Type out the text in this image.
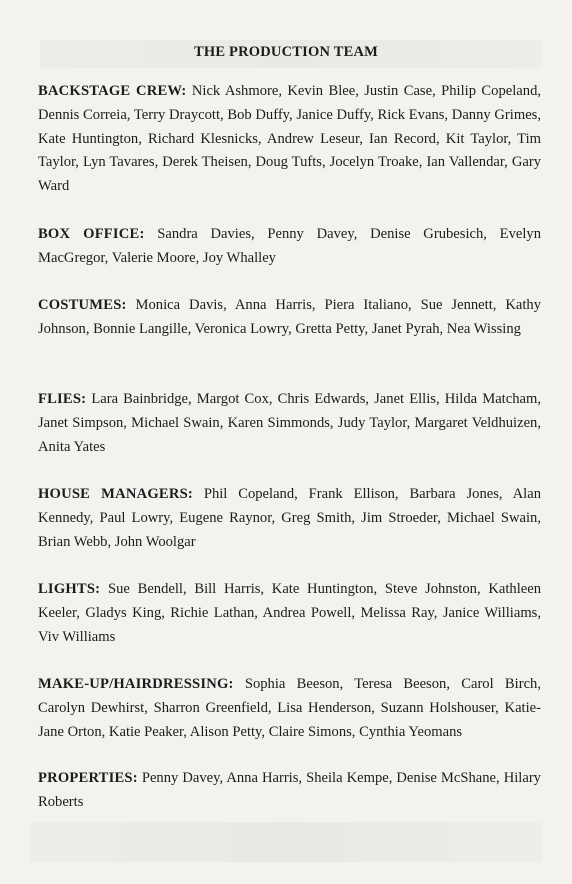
THE PRODUCTION TEAM
BACKSTAGE CREW: Nick Ashmore, Kevin Blee, Justin Case, Philip Copeland, Dennis Correia, Terry Draycott, Bob Duffy, Janice Duffy, Rick Evans, Danny Grimes, Kate Huntington, Richard Klesnicks, Andrew Leseur, Ian Record, Kit Taylor, Tim Taylor, Lyn Tavares, Derek Theisen, Doug Tufts, Jocelyn Troake, Ian Vallendar, Gary Ward
BOX OFFICE: Sandra Davies, Penny Davey, Denise Grubesich, Evelyn MacGregor, Valerie Moore, Joy Whalley
COSTUMES: Monica Davis, Anna Harris, Piera Italiano, Sue Jennett, Kathy Johnson, Bonnie Langille, Veronica Lowry, Gretta Petty, Janet Pyrah, Nea Wissing
FLIES: Lara Bainbridge, Margot Cox, Chris Edwards, Janet Ellis, Hilda Matcham, Janet Simpson, Michael Swain, Karen Simmonds, Judy Taylor, Margaret Veldhuizen, Anita Yates
HOUSE MANAGERS: Phil Copeland, Frank Ellison, Barbara Jones, Alan Kennedy, Paul Lowry, Eugene Raynor, Greg Smith, Jim Stroeder, Michael Swain, Brian Webb, John Woolgar
LIGHTS: Sue Bendell, Bill Harris, Kate Huntington, Steve Johnston, Kathleen Keeler, Gladys King, Richie Lathan, Andrea Powell, Melissa Ray, Janice Williams, Viv Williams
MAKE-UP/HAIRDRESSING: Sophia Beeson, Teresa Beeson, Carol Birch, Carolyn Dewhirst, Sharron Greenfield, Lisa Henderson, Suzann Holshouser, Katie-Jane Orton, Katie Peaker, Alison Petty, Claire Simons, Cynthia Yeomans
PROPERTIES: Penny Davey, Anna Harris, Sheila Kempe, Denise McShane, Hilary Roberts
